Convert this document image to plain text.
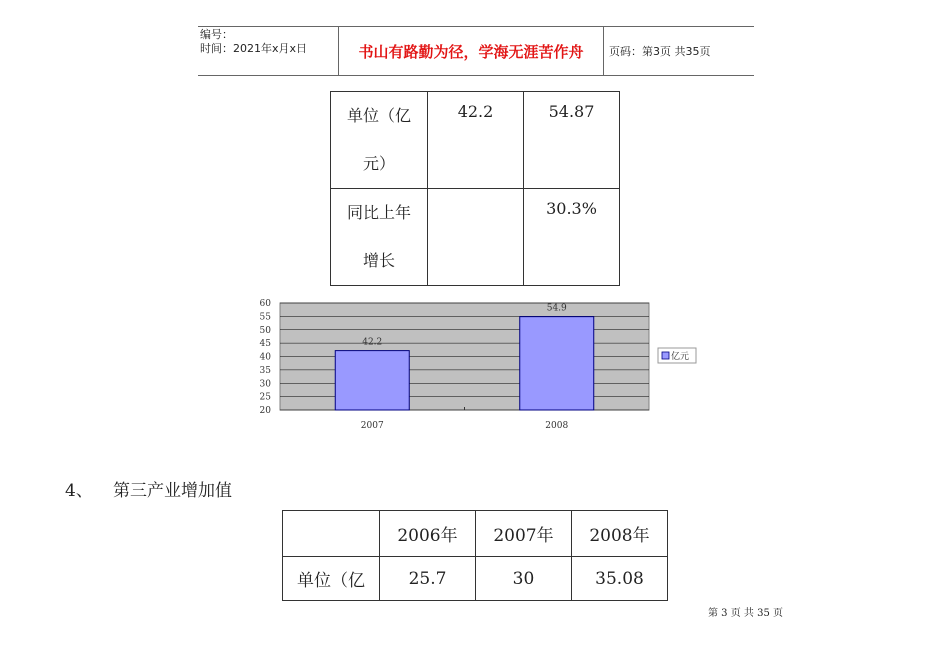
编号：
时间：2021年x月x日	书山有路勤为径，学海无涯苦作舟	页码：第3页 共35页
单位（亿
元）	42.2	54.87

同比上年
增长		30.3%
20
25
30
35
40
45
50
55
60
42.2
2007
54.9
2008
亿元
4、 第三产业增加值
	2006年	2007年	2008年
单位（亿	25.7	30	35.08
第 3 页 共 35 页
